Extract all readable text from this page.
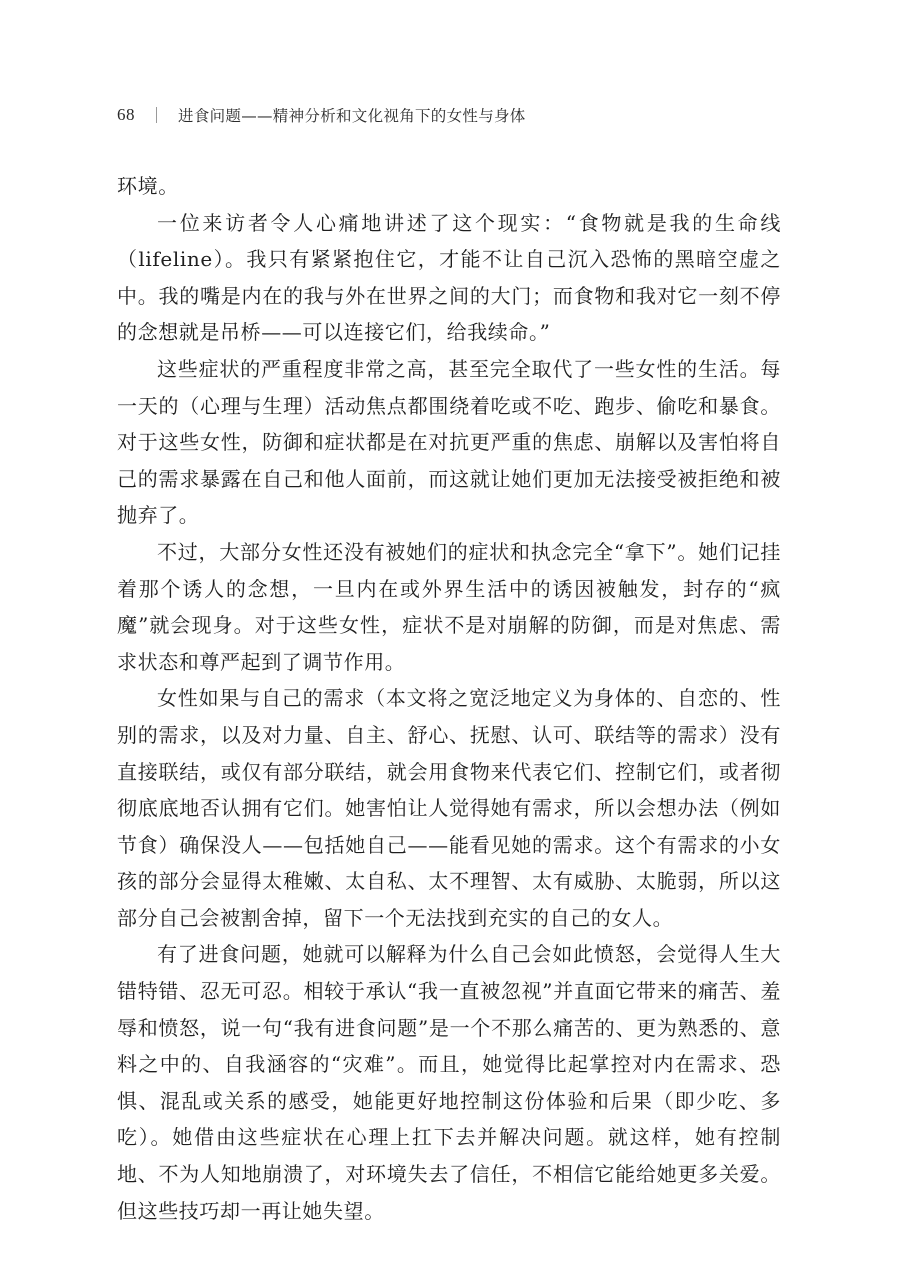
68	进食问题——精神分析和文化视角下的女性与身体

环境。

一位来访者令人心痛地讲述了这个现实：“食物就是我的生命线（lifeline）。我只有紧紧抱住它，才能不让自己沉入恐怖的黑暗空虚之中。我的嘴是内在的我与外在世界之间的大门；而食物和我对它一刻不停的念想就是吊桥——可以连接它们，给我续命。”

这些症状的严重程度非常之高，甚至完全取代了一些女性的生活。每一天的（心理与生理）活动焦点都围绕着吃或不吃、跑步、偷吃和暴食。对于这些女性，防御和症状都是在对抗更严重的焦虑、崩解以及害怕将自己的需求暴露在自己和他人面前，而这就让她们更加无法接受被拒绝和被抛弃了。

不过，大部分女性还没有被她们的症状和执念完全“拿下”。她们记挂着那个诱人的念想，一旦内在或外界生活中的诱因被触发，封存的“疯魔”就会现身。对于这些女性，症状不是对崩解的防御，而是对焦虑、需求状态和尊严起到了调节作用。

女性如果与自己的需求（本文将之宽泛地定义为身体的、自恋的、性别的需求，以及对力量、自主、舒心、抚慰、认可、联结等的需求）没有直接联结，或仅有部分联结，就会用食物来代表它们、控制它们，或者彻彻底底地否认拥有它们。她害怕让人觉得她有需求，所以会想办法（例如节食）确保没人——包括她自己——能看见她的需求。这个有需求的小女孩的部分会显得太稚嫩、太自私、太不理智、太有威胁、太脆弱，所以这部分自己会被割舍掉，留下一个无法找到充实的自己的女人。

有了进食问题，她就可以解释为什么自己会如此愤怒，会觉得人生大错特错、忍无可忍。相较于承认“我一直被忽视”并直面它带来的痛苦、羞辱和愤怒，说一句“我有进食问题”是一个不那么痛苦的、更为熟悉的、意料之中的、自我涵容的“灾难”。而且，她觉得比起掌控对内在需求、恐惧、混乱或关系的感受，她能更好地控制这份体验和后果（即少吃、多吃）。她借由这些症状在心理上扛下去并解决问题。就这样，她有控制地、不为人知地崩溃了，对环境失去了信任，不相信它能给她更多关爱。但这些技巧却一再让她失望。
